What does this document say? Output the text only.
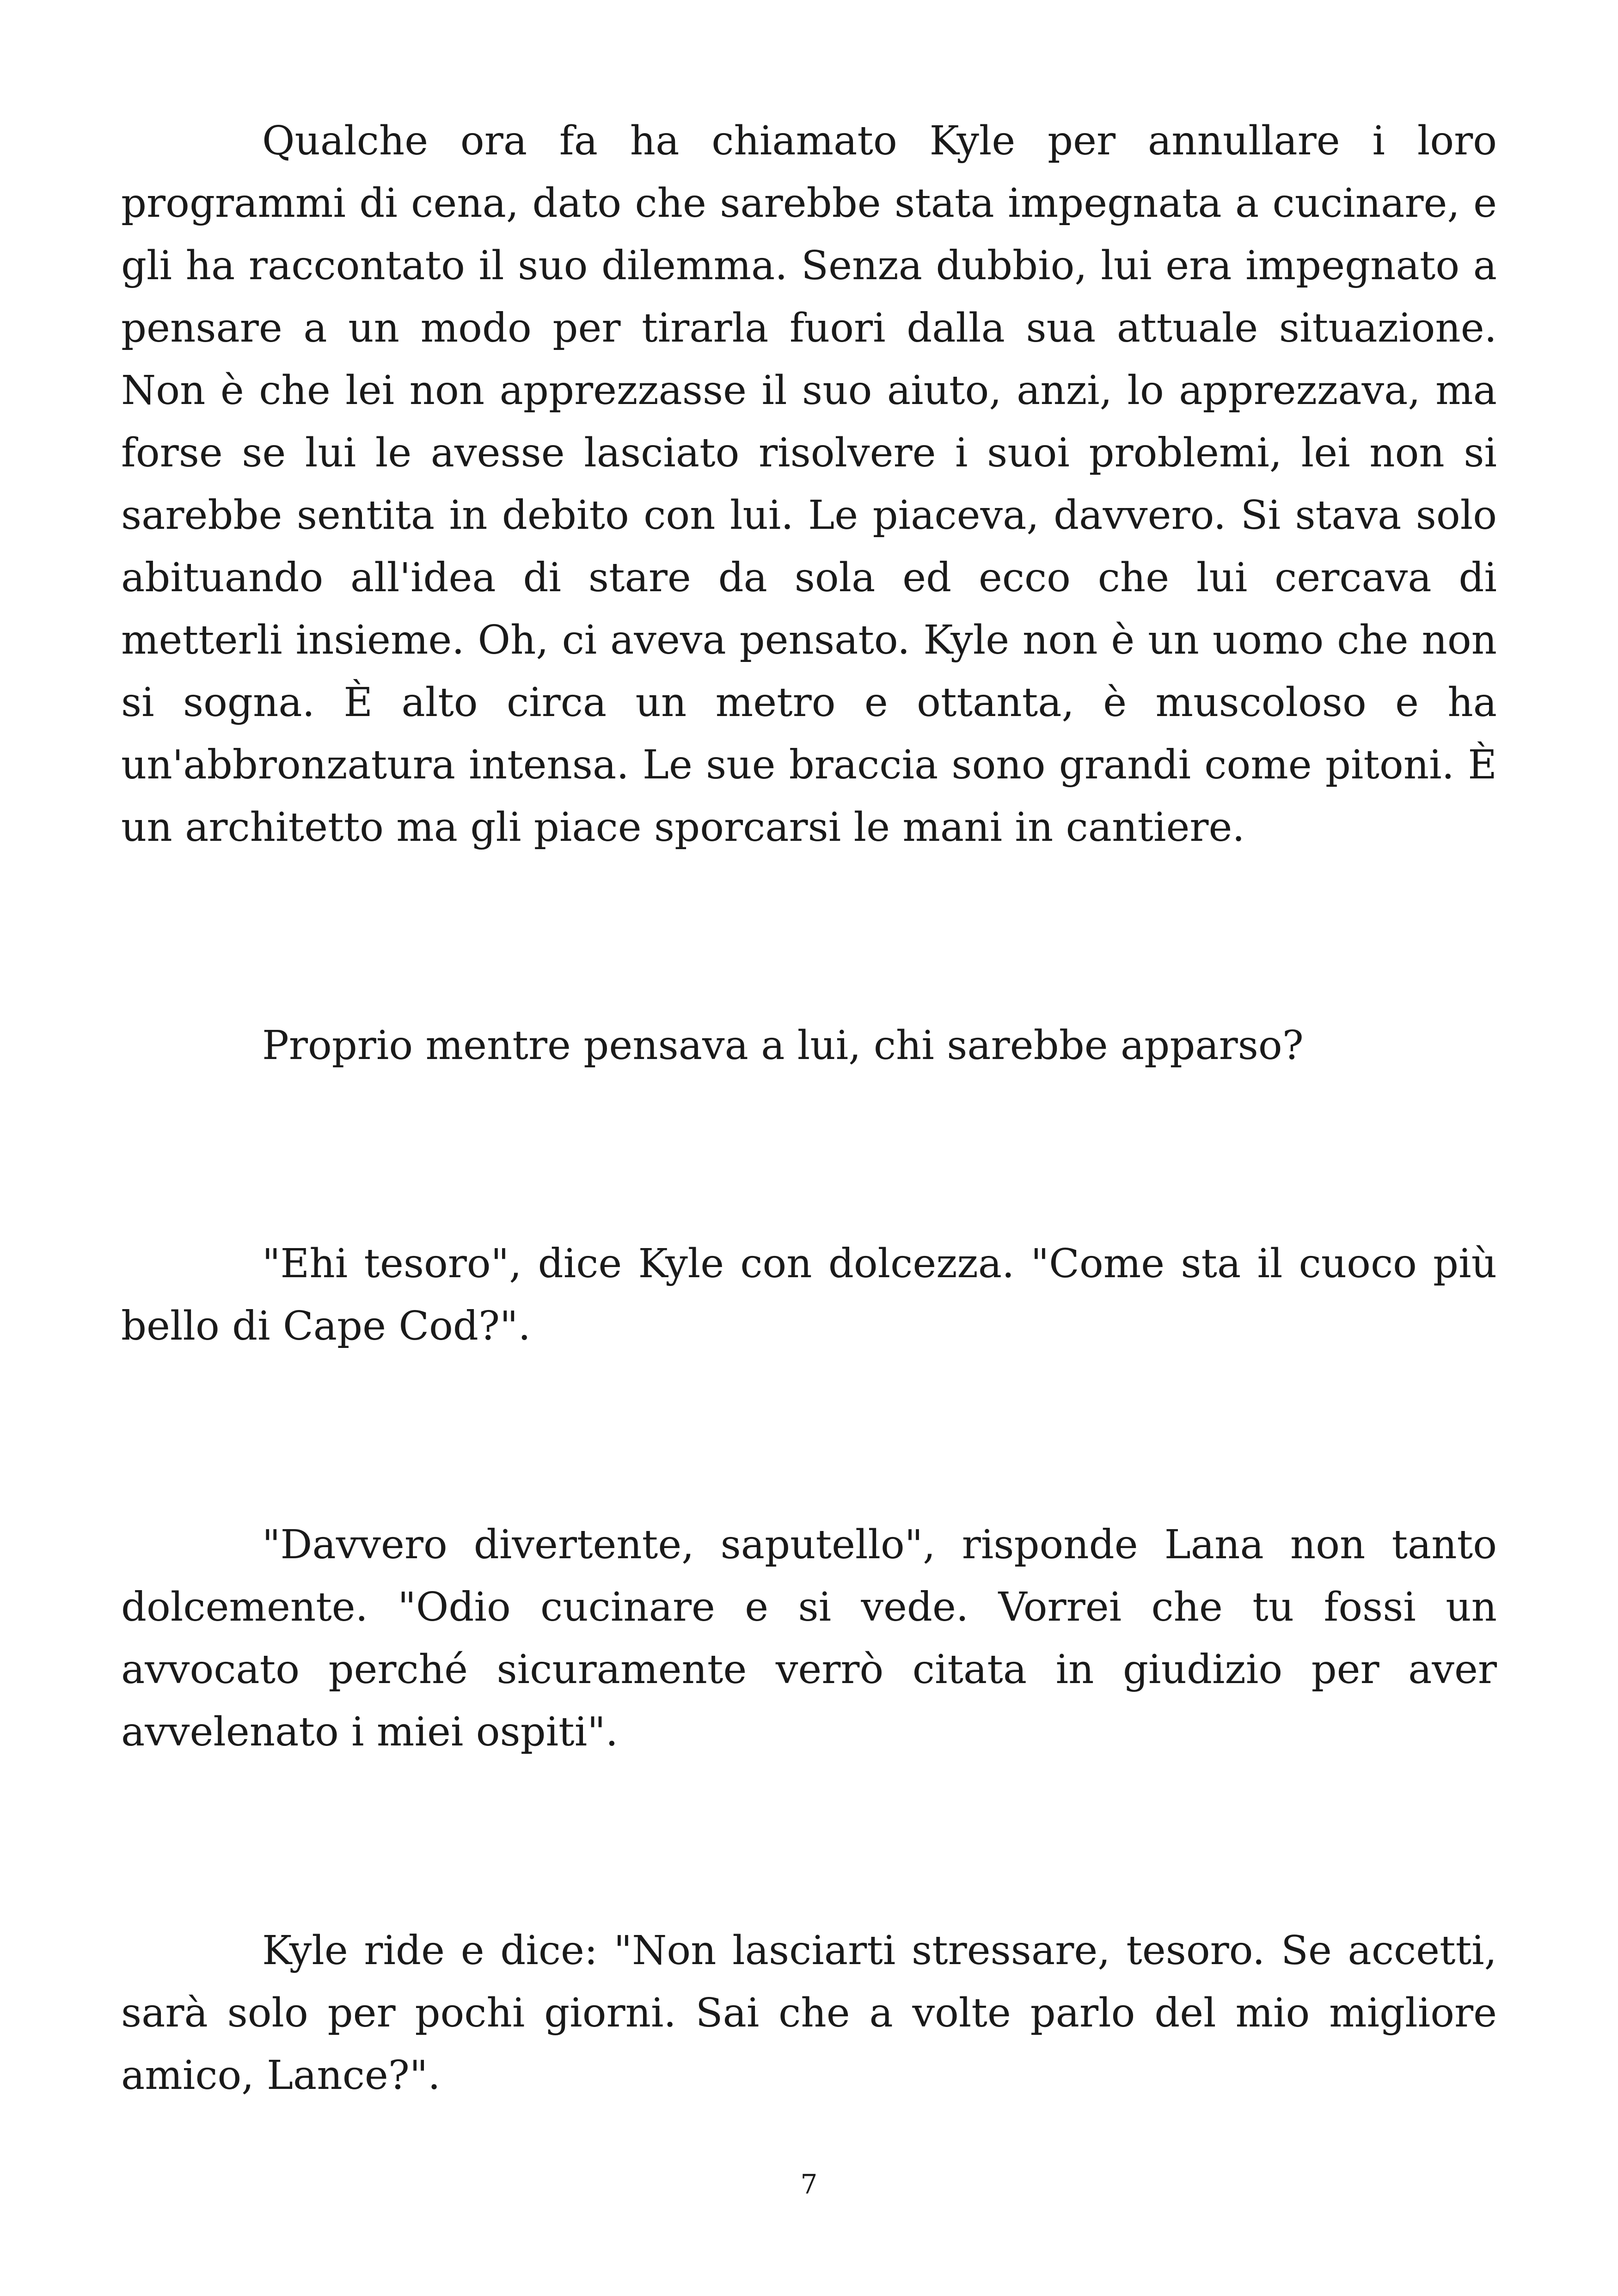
Qualche ora fa ha chiamato Kyle per annullare i loro programmi di cena, dato che sarebbe stata impegnata a cucinare, e gli ha raccontato il suo dilemma. Senza dubbio, lui era impegnato a pensare a un modo per tirarla fuori dalla sua attuale situazione. Non è che lei non apprezzasse il suo aiuto, anzi, lo apprezzava, ma forse se lui le avesse lasciato risolvere i suoi problemi, lei non si sarebbe sentita in debito con lui. Le piaceva, davvero. Si stava solo abituando all'idea di stare da sola ed ecco che lui cercava di metterli insieme. Oh, ci aveva pensato. Kyle non è un uomo che non si sogna. È alto circa un metro e ottanta, è muscoloso e ha un'abbronzatura intensa. Le sue braccia sono grandi come pitoni. È un architetto ma gli piace sporcarsi le mani in cantiere.

Proprio mentre pensava a lui, chi sarebbe apparso?

"Ehi tesoro", dice Kyle con dolcezza. "Come sta il cuoco più bello di Cape Cod?".

"Davvero divertente, saputello", risponde Lana non tanto dolcemente. "Odio cucinare e si vede. Vorrei che tu fossi un avvocato perché sicuramente verrò citata in giudizio per aver avvelenato i miei ospiti".

Kyle ride e dice: "Non lasciarti stressare, tesoro. Se accetti, sarà solo per pochi giorni. Sai che a volte parlo del mio migliore amico, Lance?".

7
